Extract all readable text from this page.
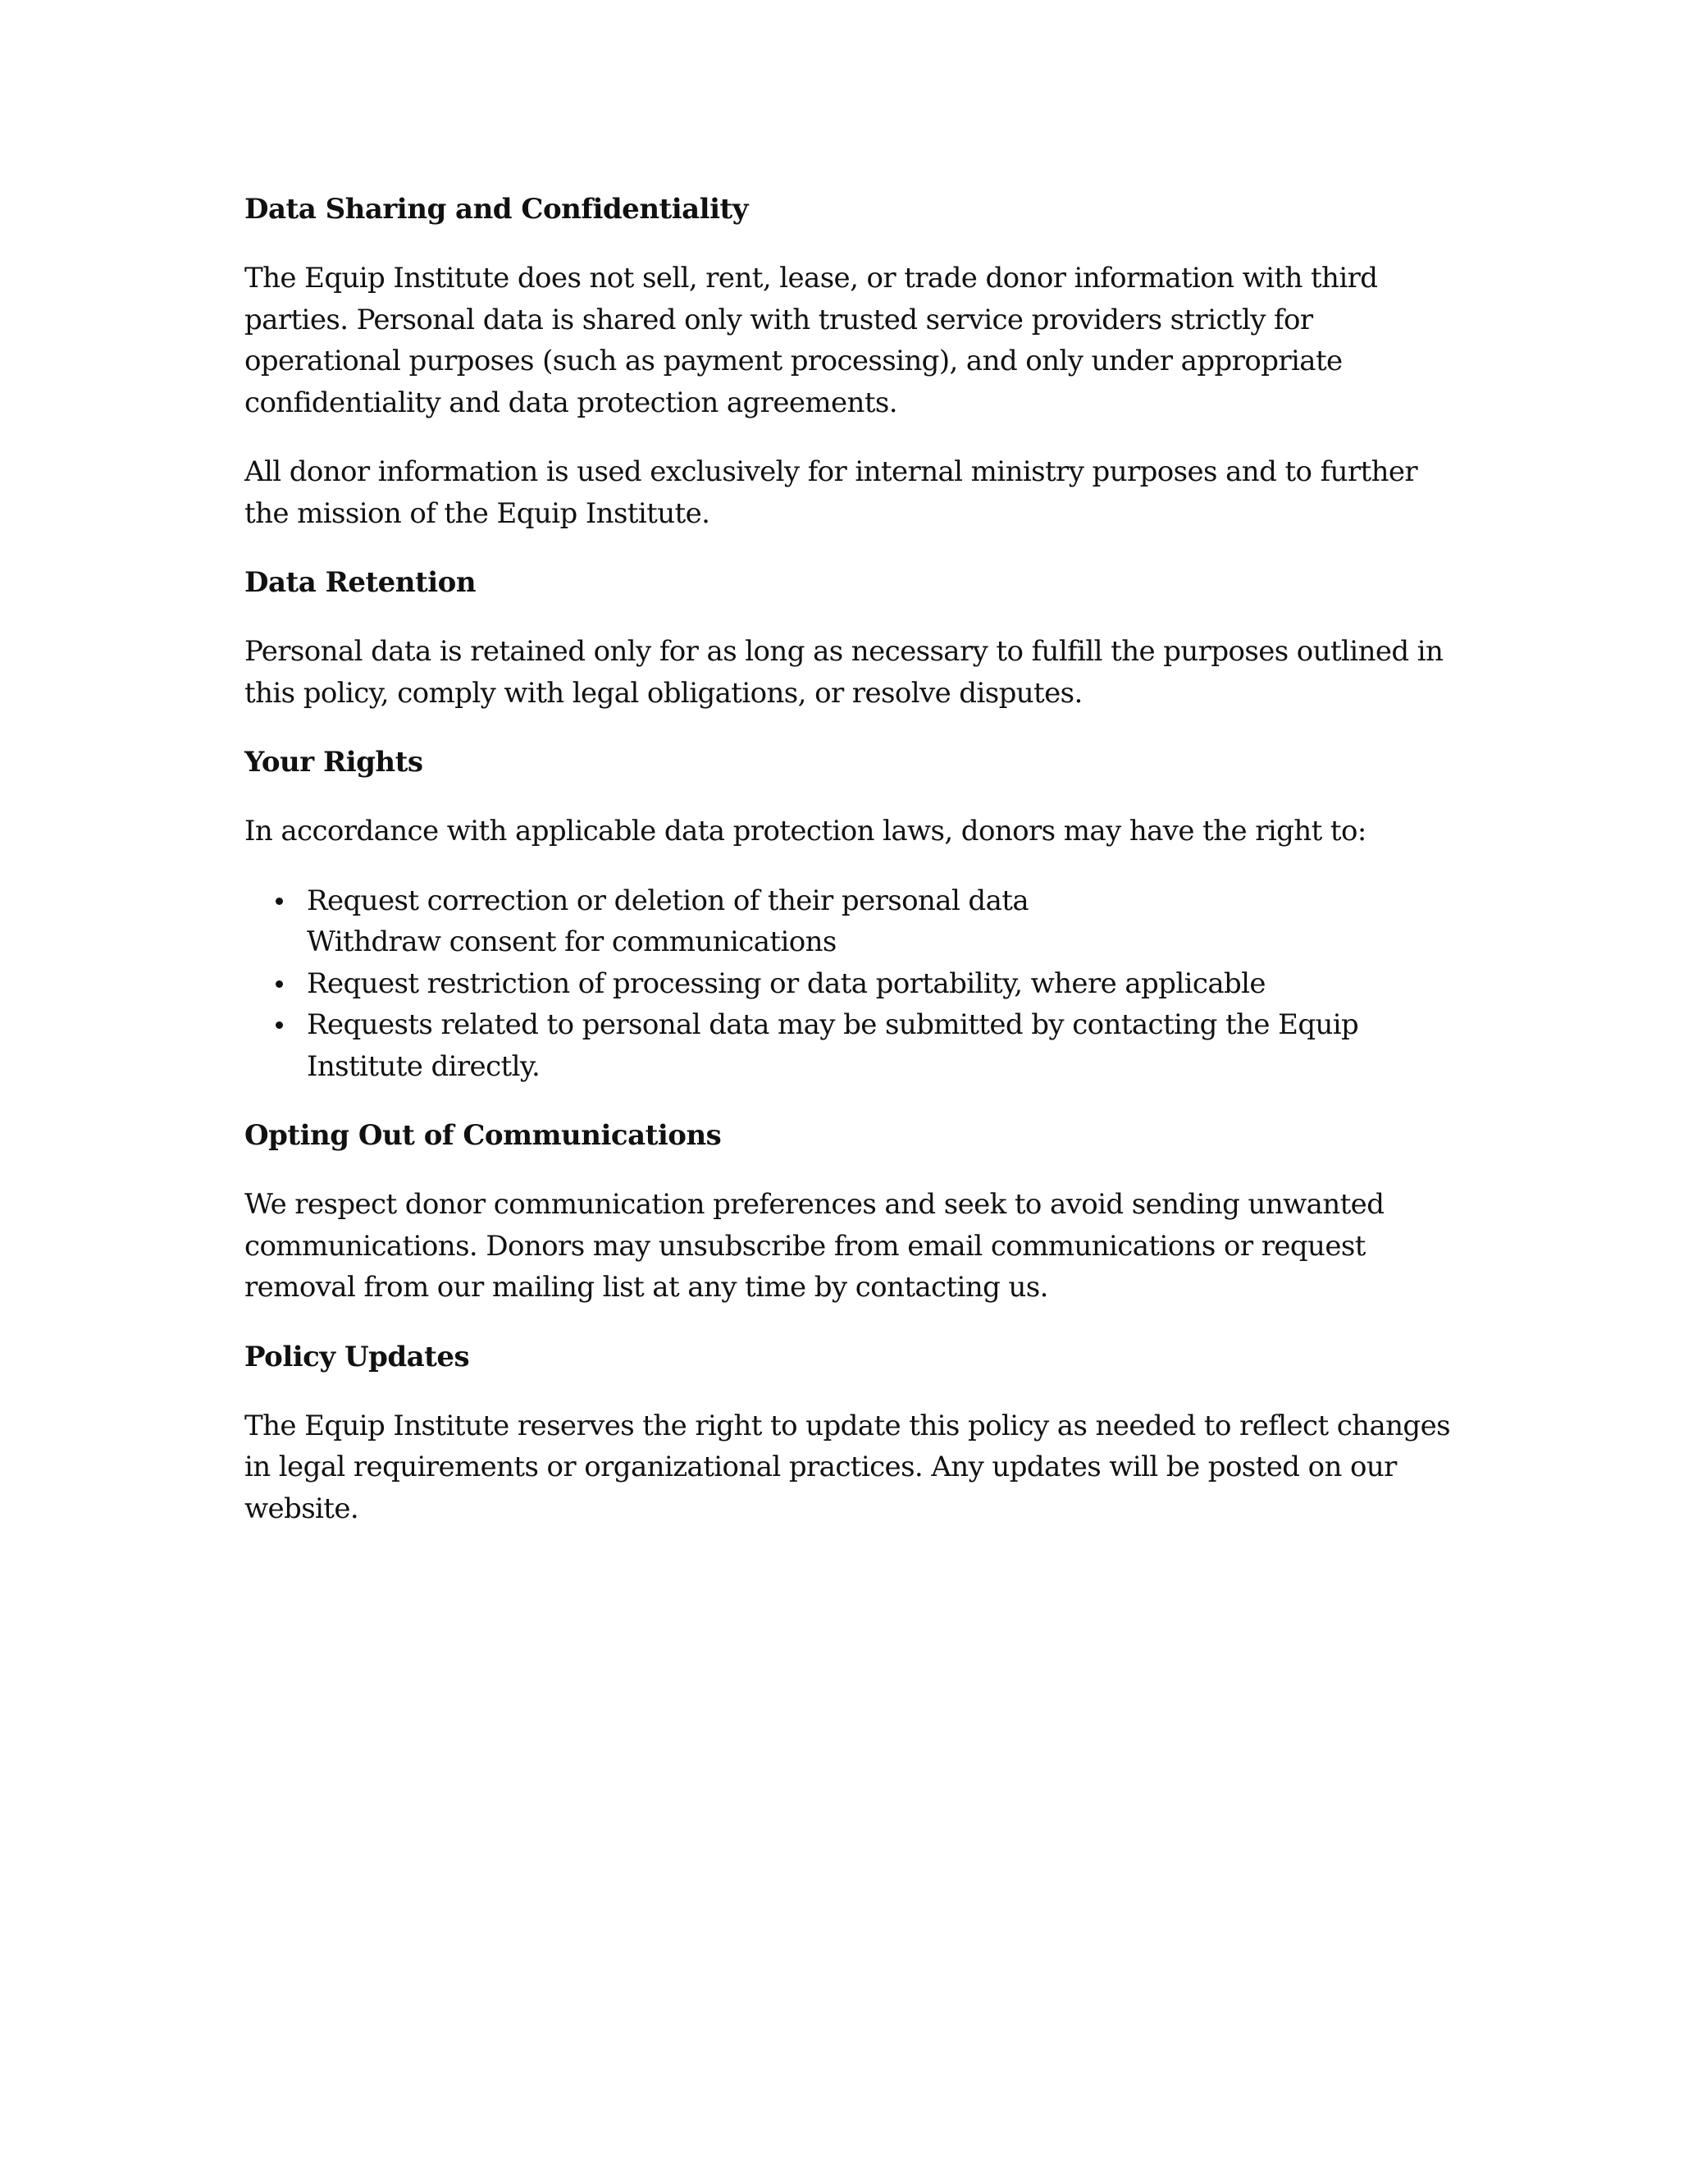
Data Sharing and Confidentiality

The Equip Institute does not sell, rent, lease, or trade donor information with third parties. Personal data is shared only with trusted service providers strictly for operational purposes (such as payment processing), and only under appropriate confidentiality and data protection agreements.

All donor information is used exclusively for internal ministry purposes and to further the mission of the Equip Institute.

Data Retention

Personal data is retained only for as long as necessary to fulfill the purposes outlined in this policy, comply with legal obligations, or resolve disputes.

Your Rights

In accordance with applicable data protection laws, donors may have the right to:

Request correction or deletion of their personal data
Withdraw consent for communications
Request restriction of processing or data portability, where applicable
Requests related to personal data may be submitted by contacting the Equip Institute directly.
Opting Out of Communications

We respect donor communication preferences and seek to avoid sending unwanted communications. Donors may unsubscribe from email communications or request removal from our mailing list at any time by contacting us.

Policy Updates

The Equip Institute reserves the right to update this policy as needed to reflect changes in legal requirements or organizational practices. Any updates will be posted on our website.
